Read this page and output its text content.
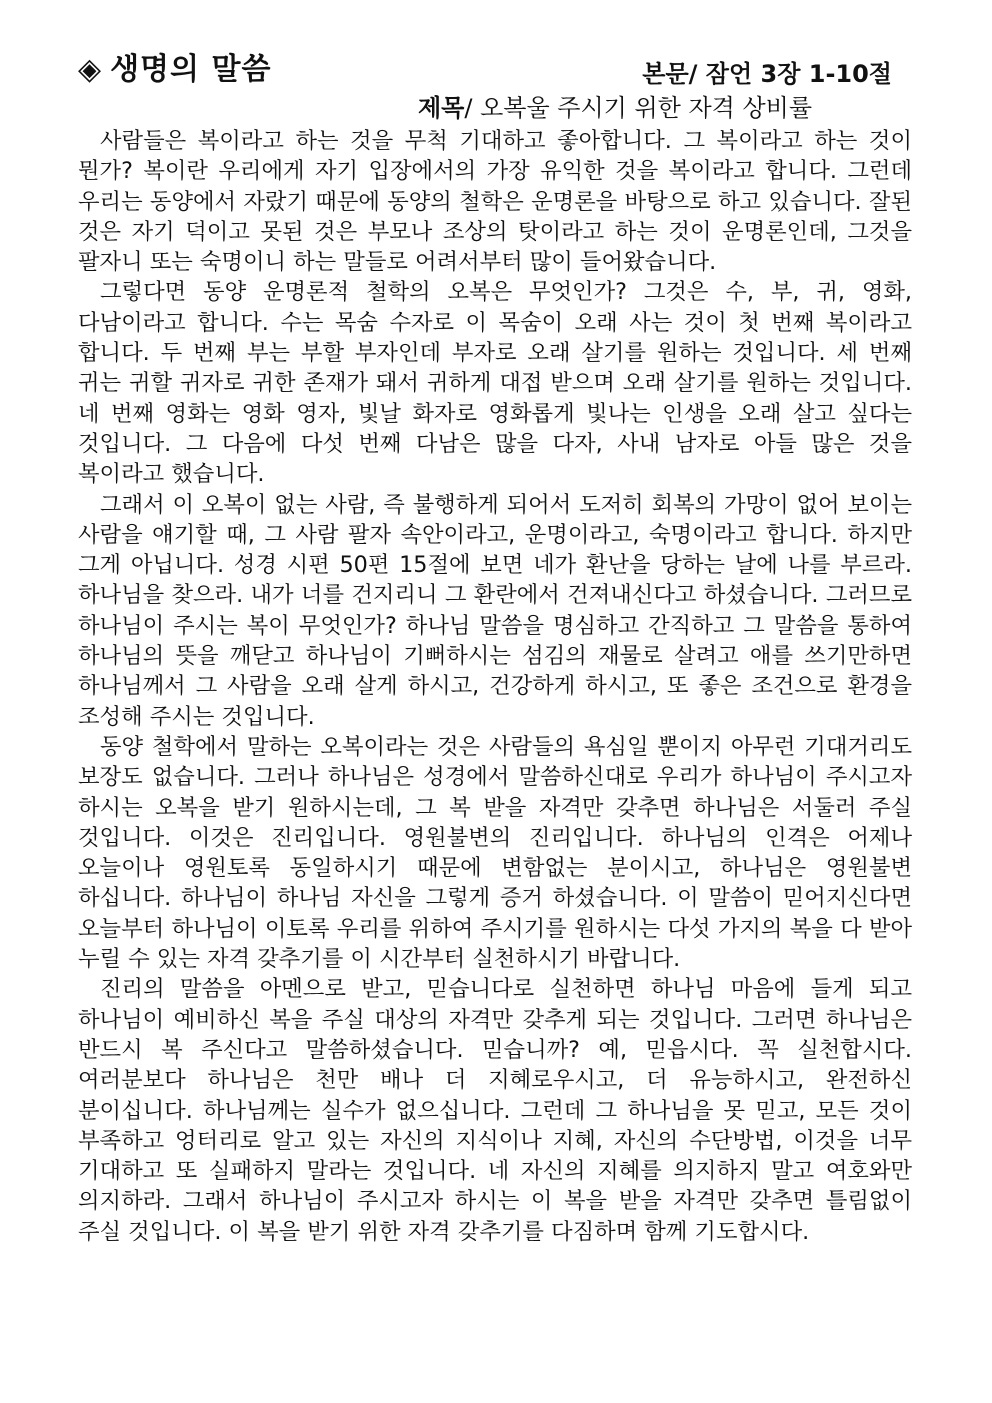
◈ 생명의 말씀	본문/ 잠언 3장 1-10절
제목/ 오복울 주시기 위한 자격 상비률

사람들은 복이라고 하는 것을 무척 기대하고 좋아합니다. 그 복이라고 하는 것이 뭔가? 복이란 우리에게 자기 입장에서의 가장 유익한 것을 복이라고 합니다. 그런데 우리는 동양에서 자랐기 때문에 동양의 철학은 운명론을 바탕으로 하고 있습니다. 잘된 것은 자기 덕이고 못된 것은 부모나 조상의 탓이라고 하는 것이 운명론인데, 그것을 팔자니 또는 숙명이니 하는 말들로 어려서부터 많이 들어왔습니다.

그렇다면 동양 운명론적 철학의 오복은 무엇인가? 그것은 수, 부, 귀, 영화, 다남이라고 합니다. 수는 목숨 수자로 이 목숨이 오래 사는 것이 첫 번째 복이라고 합니다. 두 번째 부는 부할 부자인데 부자로 오래 살기를 원하는 것입니다. 세 번째 귀는 귀할 귀자로 귀한 존재가 돼서 귀하게 대접 받으며 오래 살기를 원하는 것입니다. 네 번째 영화는 영화 영자, 빛날 화자로 영화롭게 빛나는 인생을 오래 살고 싶다는 것입니다. 그 다음에 다섯 번째 다남은 많을 다자, 사내 남자로 아들 많은 것을 복이라고 했습니다.

그래서 이 오복이 없는 사람, 즉 불행하게 되어서 도저히 회복의 가망이 없어 보이는 사람을 얘기할 때, 그 사람 팔자 속안이라고, 운명이라고, 숙명이라고 합니다. 하지만 그게 아닙니다. 성경 시편 50편 15절에 보면 네가 환난을 당하는 날에 나를 부르라. 하나님을 찾으라. 내가 너를 건지리니 그 환란에서 건져내신다고 하셨습니다. 그러므로 하나님이 주시는 복이 무엇인가? 하나님 말씀을 명심하고 간직하고 그 말씀을 통하여 하나님의 뜻을 깨닫고 하나님이 기뻐하시는 섬김의 재물로 살려고 애를 쓰기만하면 하나님께서 그 사람을 오래 살게 하시고, 건강하게 하시고, 또 좋은 조건으로 환경을 조성해 주시는 것입니다.

동양 철학에서 말하는 오복이라는 것은 사람들의 욕심일 뿐이지 아무런 기대거리도 보장도 없습니다. 그러나 하나님은 성경에서 말씀하신대로 우리가 하나님이 주시고자 하시는 오복을 받기 원하시는데, 그 복 받을 자격만 갖추면 하나님은 서둘러 주실 것입니다. 이것은 진리입니다. 영원불변의 진리입니다. 하나님의 인격은 어제나 오늘이나 영원토록 동일하시기 때문에 변함없는 분이시고, 하나님은 영원불변 하십니다. 하나님이 하나님 자신을 그렇게 증거 하셨습니다. 이 말씀이 믿어지신다면 오늘부터 하나님이 이토록 우리를 위하여 주시기를 원하시는 다섯 가지의 복을 다 받아 누릴 수 있는 자격 갖추기를 이 시간부터 실천하시기 바랍니다.

진리의 말씀을 아멘으로 받고, 믿습니다로 실천하면 하나님 마음에 들게 되고 하나님이 예비하신 복을 주실 대상의 자격만 갖추게 되는 것입니다. 그러면 하나님은 반드시 복 주신다고 말씀하셨습니다. 믿습니까? 예, 믿읍시다. 꼭 실천합시다. 여러분보다 하나님은 천만 배나 더 지혜로우시고, 더 유능하시고, 완전하신 분이십니다. 하나님께는 실수가 없으십니다. 그런데 그 하나님을 못 믿고, 모든 것이 부족하고 엉터리로 알고 있는 자신의 지식이나 지혜, 자신의 수단방법, 이것을 너무 기대하고 또 실패하지 말라는 것입니다. 네 자신의 지혜를 의지하지 말고 여호와만 의지하라. 그래서 하나님이 주시고자 하시는 이 복을 받을 자격만 갖추면 틀림없이 주실 것입니다. 이 복을 받기 위한 자격 갖추기를 다짐하며 함께 기도합시다.
